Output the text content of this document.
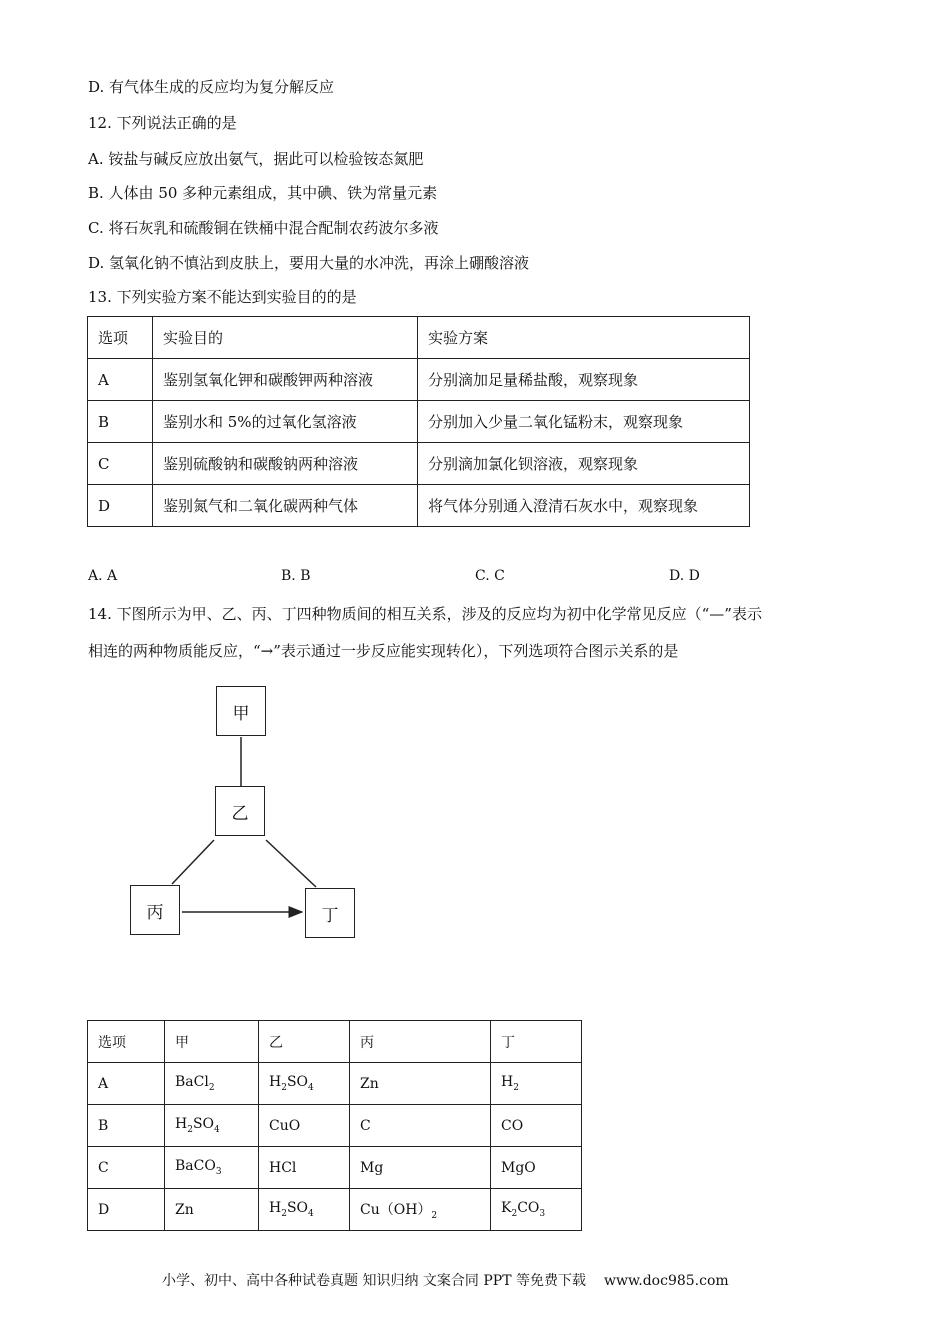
D. 有气体生成的反应均为复分解反应
12. 下列说法正确的是
A. 铵盐与碱反应放出氨气，据此可以检验铵态氮肥
B. 人体由 50 多种元素组成，其中碘、铁为常量元素
C. 将石灰乳和硫酸铜在铁桶中混合配制农药波尔多液
D. 氢氧化钠不慎沾到皮肤上，要用大量的水冲洗，再涂上硼酸溶液
13. 下列实验方案不能达到实验目的的是
选项	实验目的	实验方案
A	鉴别氢氧化钾和碳酸钾两种溶液	分别滴加足量稀盐酸，观察现象
B	鉴别水和 5%的过氧化氢溶液	分别加入少量二氧化锰粉末，观察现象
C	鉴别硫酸钠和碳酸钠两种溶液	分别滴加氯化钡溶液，观察现象
D	鉴别氮气和二氧化碳两种气体	将气体分别通入澄清石灰水中，观察现象
A. A	B. B	C. C	D. D
14. 下图所示为甲、乙、丙、丁四种物质间的相互关系，涉及的反应均为初中化学常见反应（“—”表示
相连的两种物质能反应，“→”表示通过一步反应能实现转化），下列选项符合图示关系的是
甲
乙
丙	丁
选项	甲	乙	丙	丁
A	BaCl$_2$	$H_2SO_4$	Zn	$H_2$
B	$H_2SO_4$	CuO	C	CO
C	BaCO$_3$	HCl	Mg	MgO
D	Zn	$H_2SO_4$	$Cu(OH)_2$	$K_2CO_3$
小学、初中、高中各种试卷真题 知识归纳 文案合同 PPT 等免费下载 www.doc985.com
